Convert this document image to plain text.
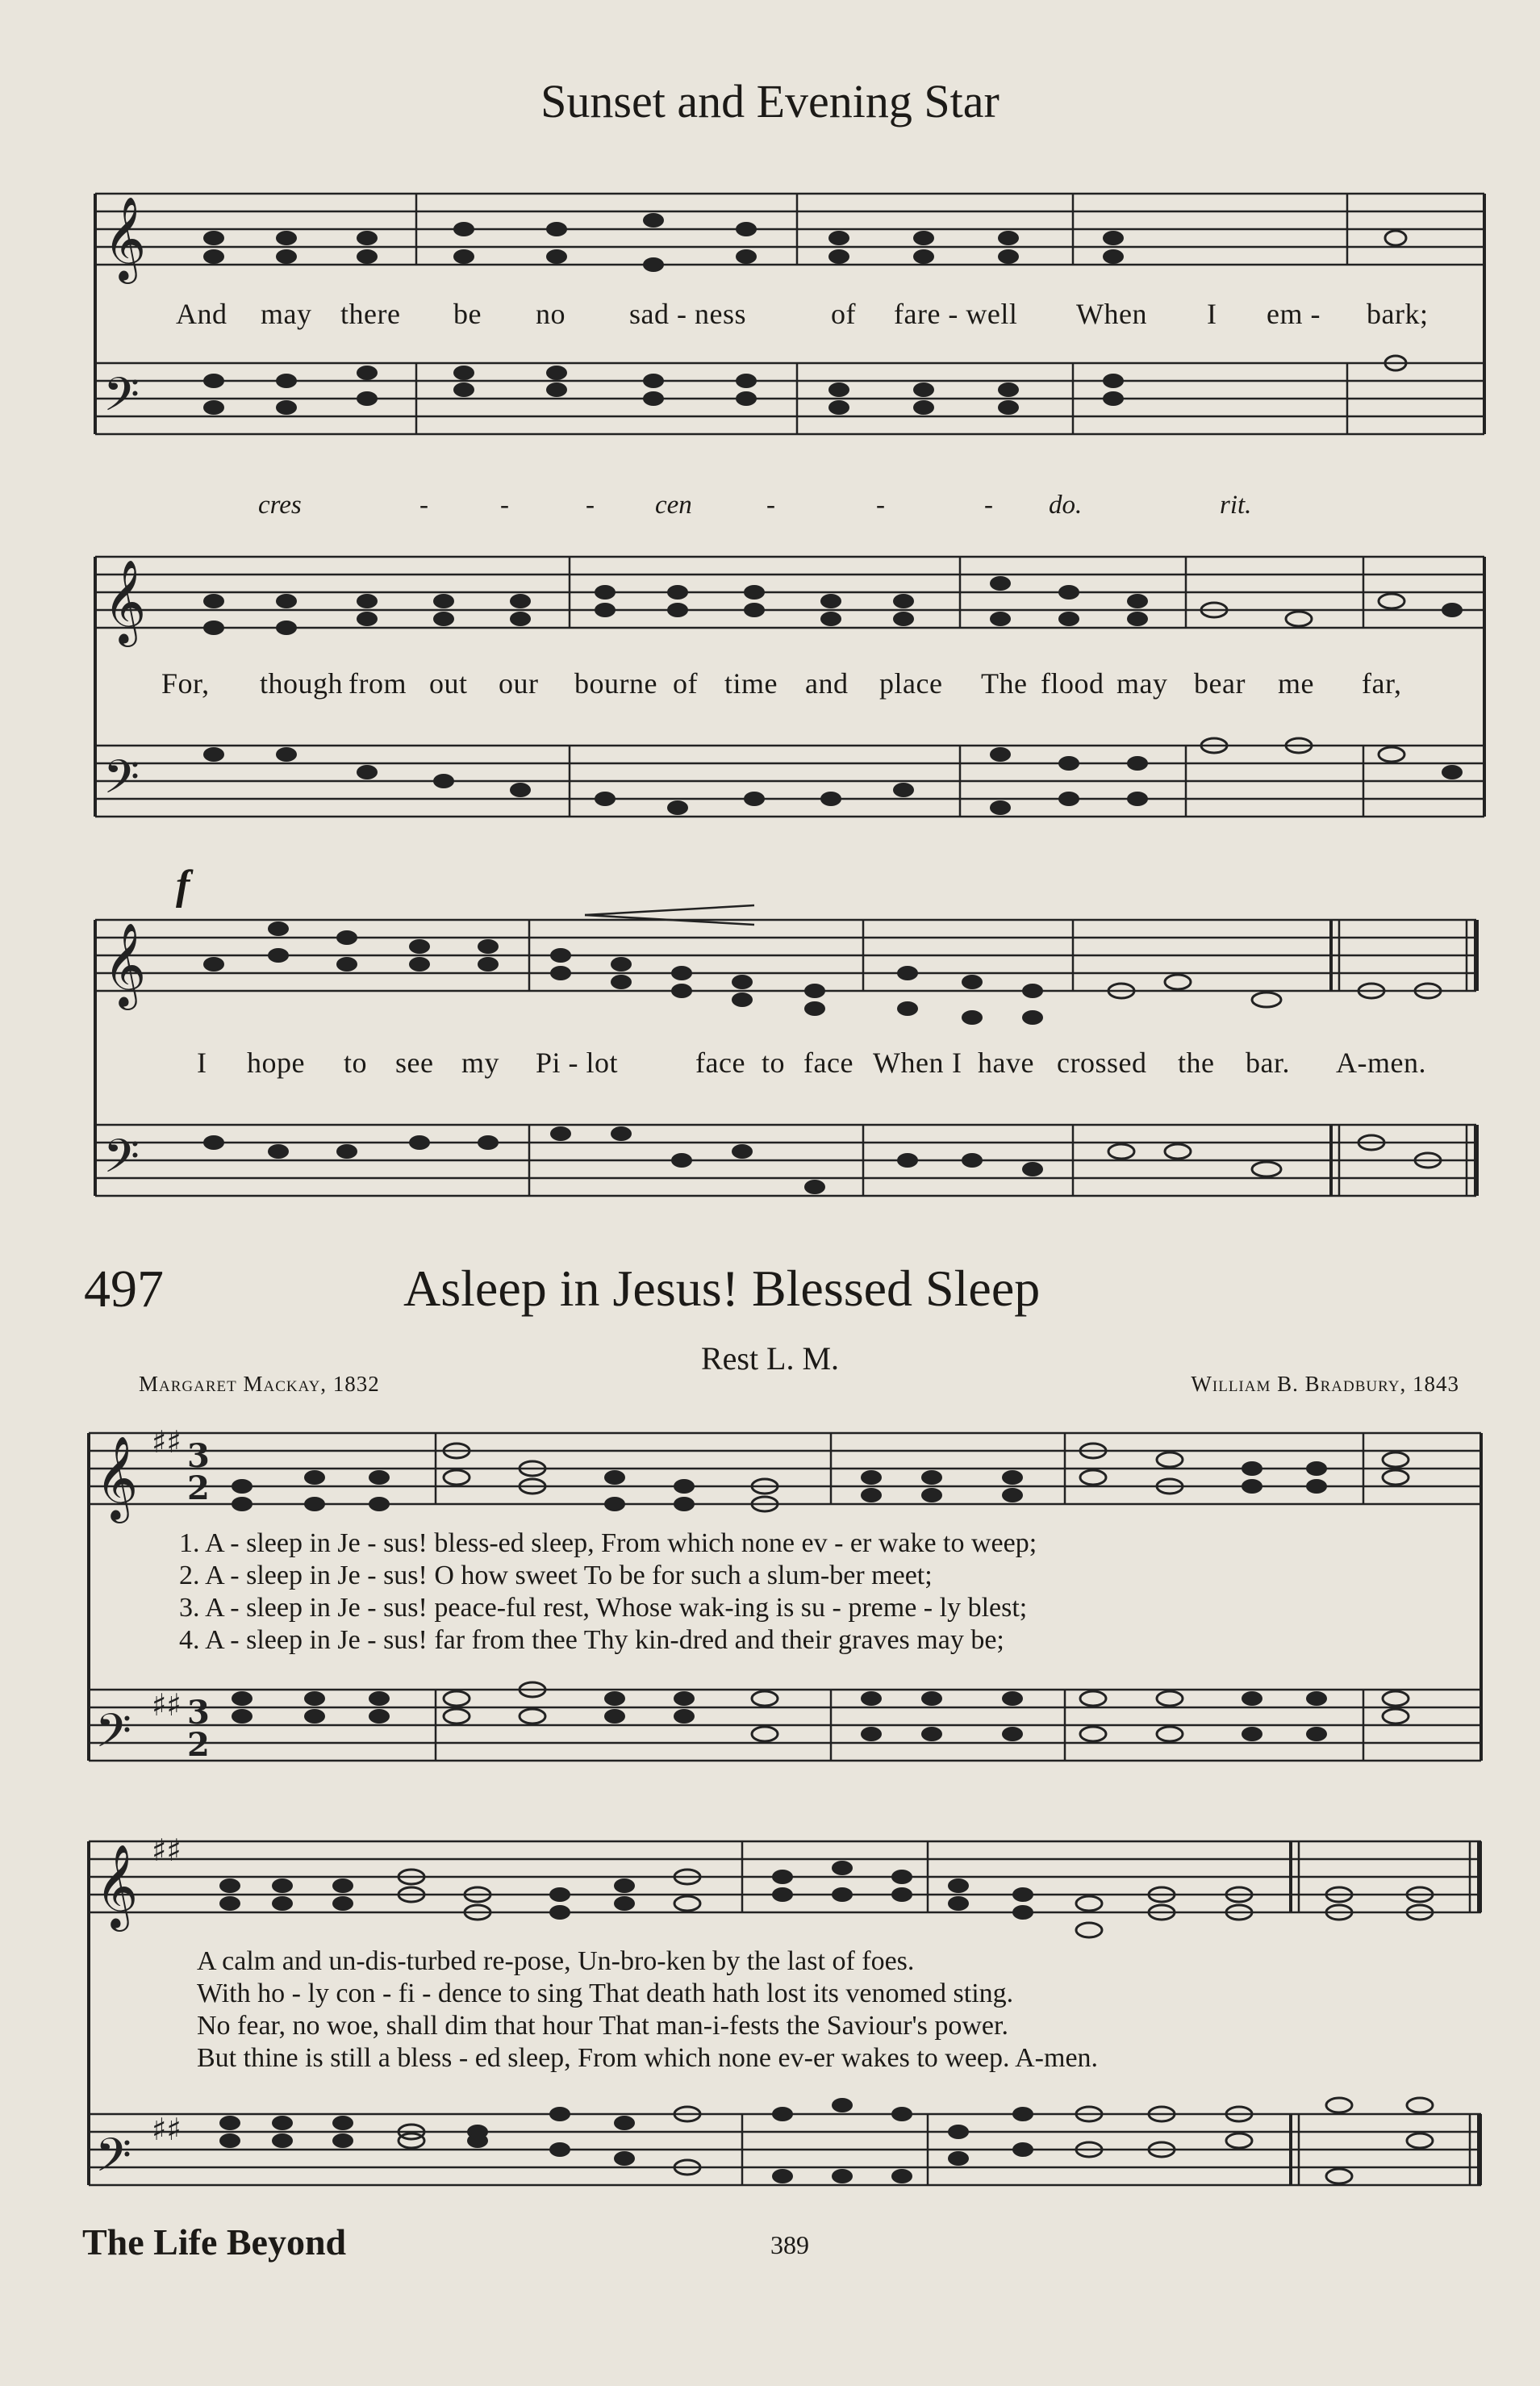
Sunset and Evening Star
𝄞
𝄢
And may there be no sad - ness	of fare - well When I em - bark;
cres	-	-	- cen	-	-	- do.	rit.
𝄞
𝄢
For, though from out our bourne of time and place The flood may bear me far,
f
𝄞
𝄢
I hope to see my Pi - lot	face to face When I have crossed the bar. A-men.
497	Asleep in Jesus! Blessed Sleep
Rest L. M.
Margaret Mackay, 1832	William B. Bradbury, 1843
𝄞
𝄢
♯♯
♯♯
3
2
3
2
1. A - sleep in Je - sus! bless-ed sleep, From which none ev - er wake to weep;
2. A - sleep in Je - sus! O how sweet To be for such a slum-ber meet;
3. A - sleep in Je - sus! peace-ful rest, Whose wak-ing is su - preme - ly blest;
4. A - sleep in Je - sus! far from thee Thy kin-dred and their graves may be;
𝄞
𝄢
♯♯
♯♯
A calm and un-dis-turbed re-pose, Un-bro-ken by the last of foes.
With ho - ly con - fi - dence to sing That death hath lost its venomed sting.
No fear, no woe, shall dim that hour That man-i-fests the Saviour's power.
But thine is still a bless - ed sleep, From which none ev-er wakes to weep. A-men.
The Life Beyond	389
